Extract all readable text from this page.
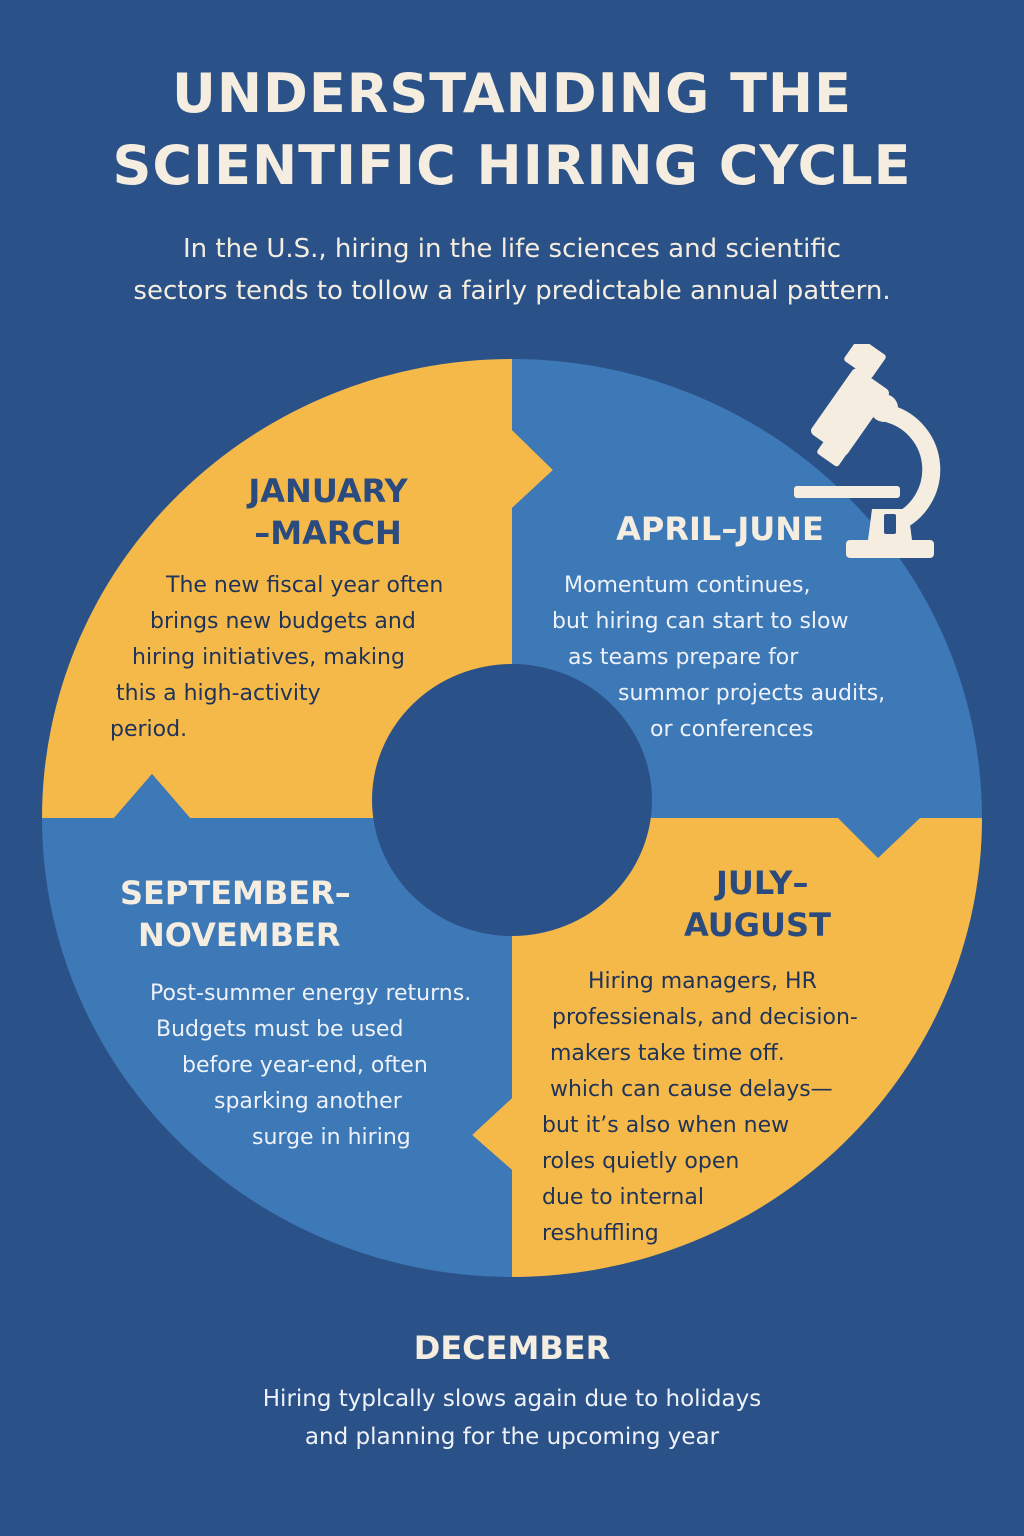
UNDERSTANDING THE
SCIENTIFIC HIRING CYCLE

In the U.S., hiring in the life sciences and scientific
sectors tends to tollow a fairly predictable annual pattern.

JANUARY
–MARCH
The new fiscal year often
brings new budgets and
hiring initiatives, making
this a high-activity
period.
APRIL–JUNE
Momentum continues,
but hiring can start to slow
as teams prepare for
summor projects audits,
or conferences
JULY–
AUGUST
Hiring managers, HR
professienals, and decision-
makers take time off.
which can cause delays—
but it’s also when new
roles quietly open
due to internal
reshuffling
SEPTEMBER–
NOVEMBER
Post-summer energy returns.
Budgets must be used
before year-end, often
sparking another
surge in hiring
DECEMBER

Hiring typlcally slows again due to holidays
and planning for the upcoming year
